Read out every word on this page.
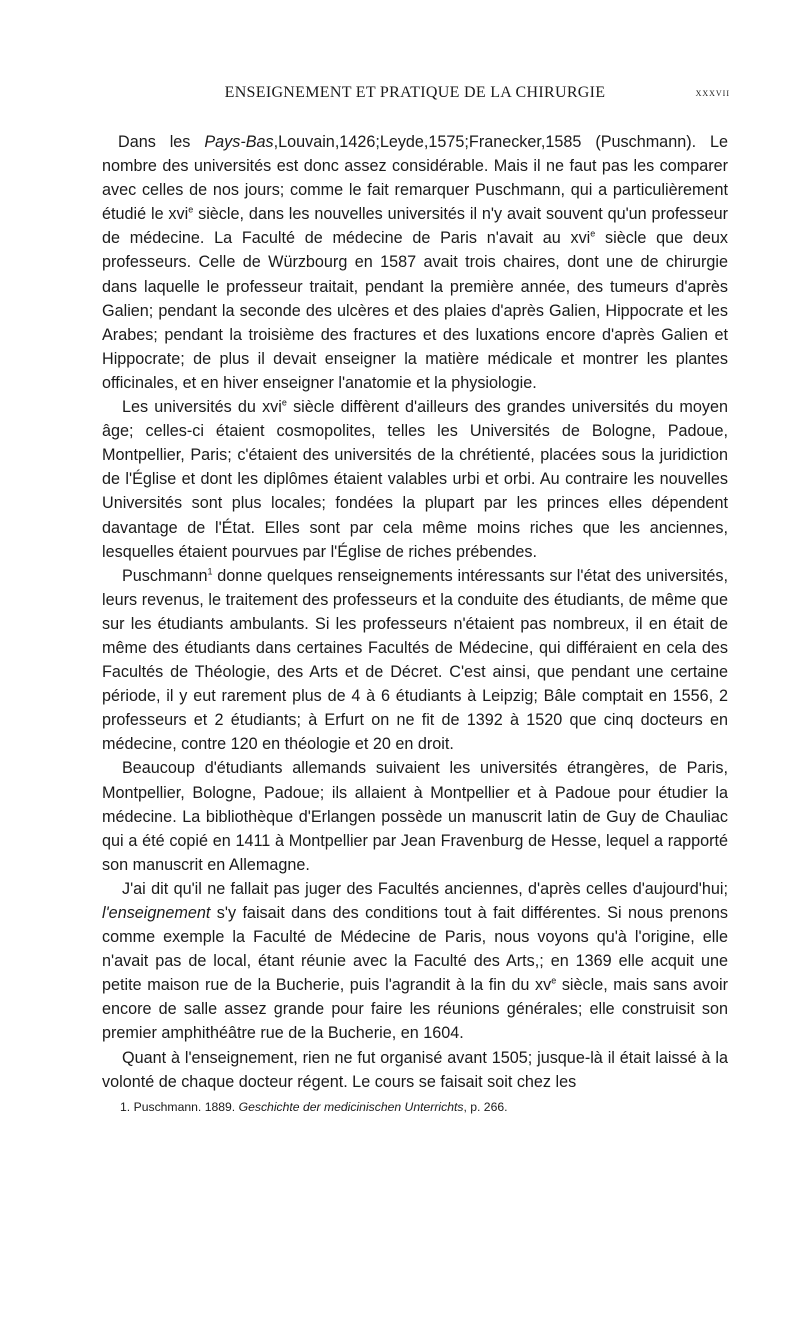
ENSEIGNEMENT ET PRATIQUE DE LA CHIRURGIE	xxxvii

Dans les Pays-Bas,Louvain,1426;Leyde,1575;Franecker,1585 (Puschmann). Le nombre des universités est donc assez considérable. Mais il ne faut pas les comparer avec celles de nos jours; comme le fait remarquer Puschmann, qui a particulièrement étudié le xvi$^e$ siècle, dans les nouvelles universités il n'y avait souvent qu'un professeur de médecine. La Faculté de médecine de Paris n'avait au xvi$^e$ siècle que deux professeurs. Celle de Würzbourg en 1587 avait trois chaires, dont une de chirurgie dans laquelle le professeur traitait, pendant la première année, des tumeurs d'après Galien; pendant la seconde des ulcères et des plaies d'après Galien, Hippocrate et les Arabes; pendant la troisième des fractures et des luxations encore d'après Galien et Hippocrate; de plus il devait enseigner la matière médicale et montrer les plantes officinales, et en hiver enseigner l'anatomie et la physiologie.

Les universités du xvi$^e$ siècle diffèrent d'ailleurs des grandes universités du moyen âge; celles-ci étaient cosmopolites, telles les Universités de Bologne, Padoue, Montpellier, Paris; c'étaient des universités de la chrétienté, placées sous la juridiction de l'Église et dont les diplômes étaient valables urbi et orbi. Au contraire les nouvelles Universités sont plus locales; fondées la plupart par les princes elles dépendent davantage de l'État. Elles sont par cela même moins riches que les anciennes, lesquelles étaient pourvues par l'Église de riches prébendes.

Puschmann$^1$ donne quelques renseignements intéressants sur l'état des universités, leurs revenus, le traitement des professeurs et la conduite des étudiants, de même que sur les étudiants ambulants. Si les professeurs n'étaient pas nombreux, il en était de même des étudiants dans certaines Facultés de Médecine, qui différaient en cela des Facultés de Théologie, des Arts et de Décret. C'est ainsi, que pendant une certaine période, il y eut rarement plus de 4 à 6 étudiants à Leipzig; Bâle comptait en 1556, 2 professeurs et 2 étudiants; à Erfurt on ne fit de 1392 à 1520 que cinq docteurs en médecine, contre 120 en théologie et 20 en droit.

Beaucoup d'étudiants allemands suivaient les universités étrangères, de Paris, Montpellier, Bologne, Padoue; ils allaient à Montpellier et à Padoue pour étudier la médecine. La bibliothèque d'Erlangen possède un manuscrit latin de Guy de Chauliac qui a été copié en 1411 à Montpellier par Jean Fravenburg de Hesse, lequel a rapporté son manuscrit en Allemagne.

J'ai dit qu'il ne fallait pas juger des Facultés anciennes, d'après celles d'aujourd'hui; l'enseignement s'y faisait dans des conditions tout à fait différentes. Si nous prenons comme exemple la Faculté de Médecine de Paris, nous voyons qu'à l'origine, elle n'avait pas de local, étant réunie avec la Faculté des Arts,; en 1369 elle acquit une petite maison rue de la Bucherie, puis l'agrandit à la fin du $xv^e$ siècle, mais sans avoir encore de salle assez grande pour faire les réunions générales; elle construisit son premier amphithéâtre rue de la Bucherie, en 1604.

Quant à l'enseignement, rien ne fut organisé avant 1505; jusque-là il était laissé à la volonté de chaque docteur régent. Le cours se faisait soit chez les

1. Puschmann. 1889. Geschichte der medicinischen Unterrichts, p. 266.
